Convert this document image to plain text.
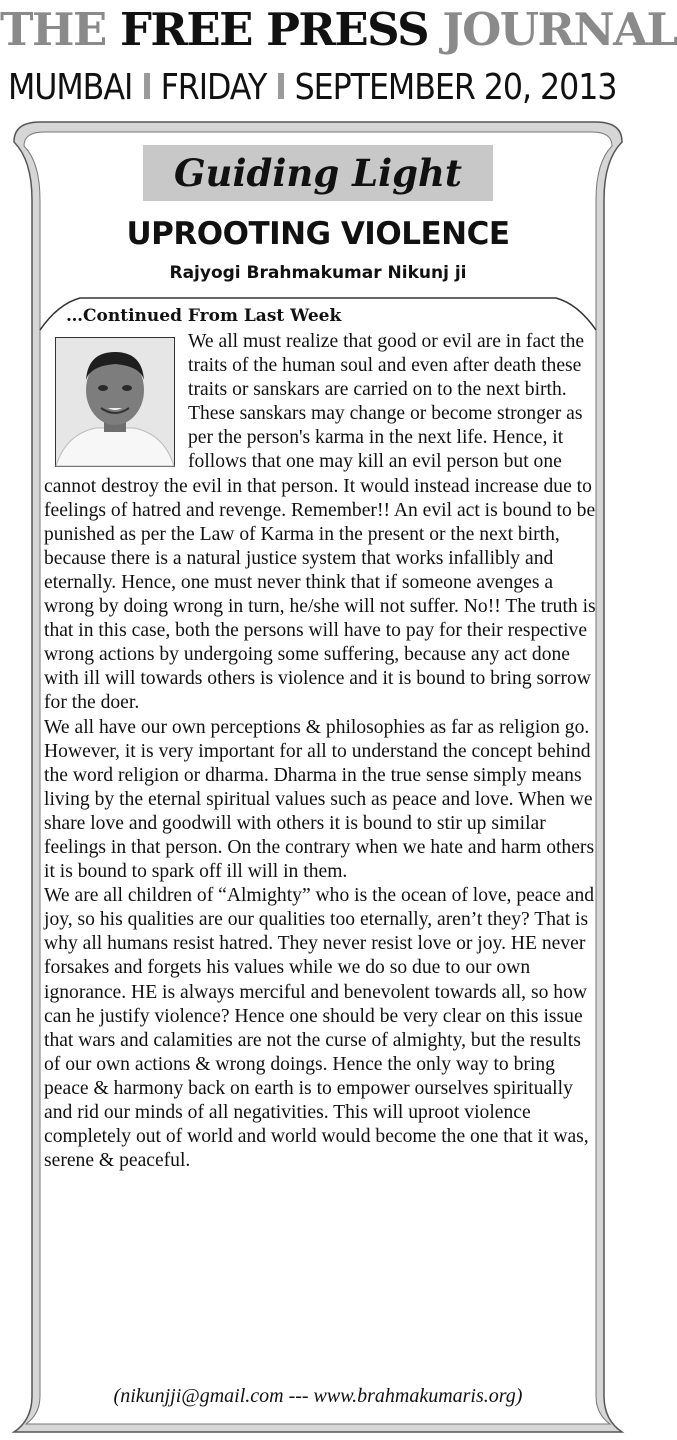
THE FREE PRESS JOURNAL
MUMBAI I FRIDAY I SEPTEMBER 20, 2013
Guiding Light
UPROOTING VIOLENCE
Rajyogi Brahmakumar Nikunj ji
…Continued From Last Week

We all must realize that good or evil are in fact the traits of the human soul and even after death these traits or sanskars are carried on to the next birth. These sanskars may change or become stronger as per the person's karma in the next life. Hence, it follows that one may kill an evil person but one cannot destroy the evil in that person. It would instead increase due to feelings of hatred and revenge. Remember!! An evil act is bound to be punished as per the Law of Karma in the present or the next birth, because there is a natural justice system that works infallibly and eternally. Hence, one must never think that if someone avenges a wrong by doing wrong in turn, he/she will not suffer. No!! The truth is that in this case, both the persons will have to pay for their respective wrong actions by undergoing some suffering, because any act done with ill will towards others is violence and it is bound to bring sorrow for the doer.

We all have our own perceptions & philosophies as far as religion go. However, it is very important for all to understand the concept behind the word religion or dharma. Dharma in the true sense simply means living by the eternal spiritual values such as peace and love. When we share love and goodwill with others it is bound to stir up similar feelings in that person. On the contrary when we hate and harm others it is bound to spark off ill will in them.

We are all children of “Almighty” who is the ocean of love, peace and joy, so his qualities are our qualities too eternally, aren’t they? That is why all humans resist hatred. They never resist love or joy. HE never forsakes and forgets his values while we do so due to our own ignorance. HE is always merciful and benevolent towards all, so how can he justify violence? Hence one should be very clear on this issue that wars and calamities are not the curse of almighty, but the results of our own actions & wrong doings. Hence the only way to bring peace & harmony back on earth is to empower ourselves spiritually and rid our minds of all negativities. This will uproot violence completely out of world and world would become the one that it was, serene & peaceful.

(nikunjji@gmail.com --- www.brahmakumaris.org)
